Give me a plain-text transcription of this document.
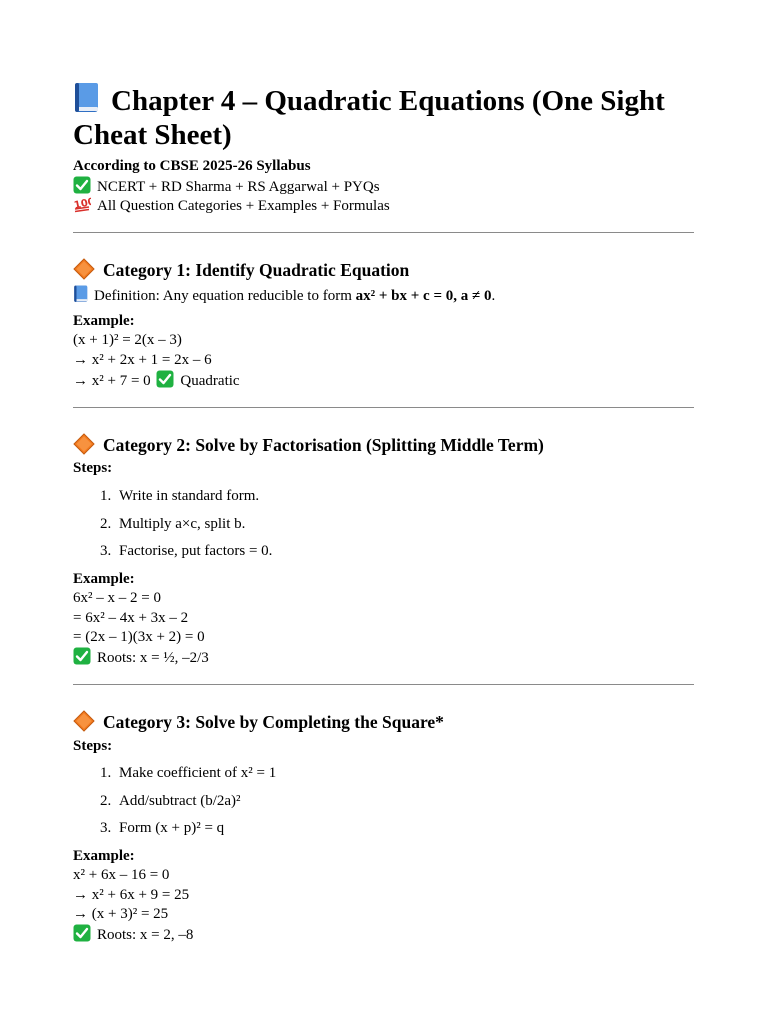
Chapter 4 – Quadratic Equations (One Sight Cheat Sheet)
According to CBSE 2025-26 Syllabus
NCERT + RD Sharma + RS Aggarwal + PYQs
All Question Categories + Examples + Formulas
Category 1: Identify Quadratic Equation
Definition: Any equation reducible to form ax² + bx + c = 0, a ≠ 0.
Example:
(x + 1)² = 2(x – 3)
→ x² + 2x + 1 = 2x – 6
→ x² + 7 = 0 Quadratic
Category 2: Solve by Factorisation (Splitting Middle Term)
Steps:
1. Write in standard form.
2. Multiply a×c, split b.
3. Factorise, put factors = 0.
Example:
6x² – x – 2 = 0
= 6x² – 4x + 3x – 2
= (2x – 1)(3x + 2) = 0
Roots: x = ½, –2/3
Category 3: Solve by Completing the Square*
Steps:
1. Make coefficient of x² = 1
2. Add/subtract (b/2a)²
3. Form (x + p)² = q
Example:
x² + 6x – 16 = 0
→ x² + 6x + 9 = 25
→ (x + 3)² = 25
Roots: x = 2, –8
